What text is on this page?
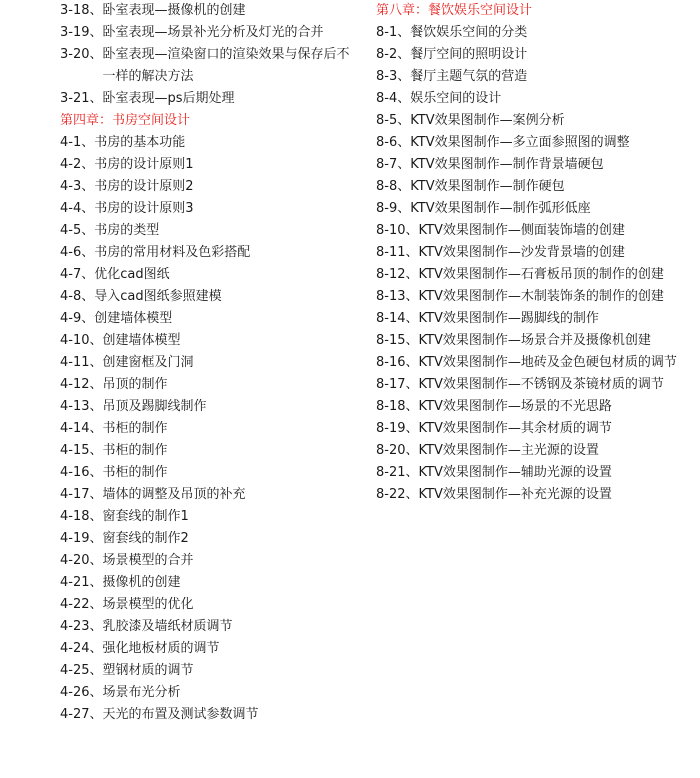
3-18、 卧室表现—摄像机的创建
3-19、 卧室表现—场景补光分析及灯光的合并
3-20、 卧室表现—渲染窗口的渲染效果与保存后不一样的解决方法
3-21、 卧室表现—ps后期处理
第四章：书房空间设计
4-1、 书房的基本功能
4-2、 书房的设计原则1
4-3、 书房的设计原则2
4-4、 书房的设计原则3
4-5、 书房的类型
4-6、 书房的常用材料及色彩搭配
4-7、 优化cad图纸
4-8、 导入cad图纸参照建模
4-9、 创建墙体模型
4-10、 创建墙体模型
4-11、 创建窗框及门洞
4-12、 吊顶的制作
4-13、 吊顶及踢脚线制作
4-14、 书柜的制作
4-15、 书柜的制作
4-16、 书柜的制作
4-17、 墙体的调整及吊顶的补充
4-18、 窗套线的制作1
4-19、 窗套线的制作2
4-20、 场景模型的合并
4-21、 摄像机的创建
4-22、 场景模型的优化
4-23、 乳胶漆及墙纸材质调节
4-24、 强化地板材质的调节
4-25、 塑钢材质的调节
4-26、 场景布光分析
4-27、 天光的布置及测试参数调节
第八章：餐饮娱乐空间设计
8-1、 餐饮娱乐空间的分类
8-2、 餐厅空间的照明设计
8-3、 餐厅主题气氛的营造
8-4、 娱乐空间的设计
8-5、 KTV效果图制作—案例分析
8-6、 KTV效果图制作—多立面参照图的调整
8-7、 KTV效果图制作—制作背景墙硬包
8-8、 KTV效果图制作—制作硬包
8-9、 KTV效果图制作—制作弧形低座
8-10、 KTV效果图制作—侧面装饰墙的创建
8-11、 KTV效果图制作—沙发背景墙的创建
8-12、 KTV效果图制作—石膏板吊顶的制作的创建
8-13、 KTV效果图制作—木制装饰条的制作的创建
8-14、 KTV效果图制作—踢脚线的制作
8-15、 KTV效果图制作—场景合并及摄像机创建
8-16、 KTV效果图制作—地砖及金色硬包材质的调节
8-17、 KTV效果图制作—不锈钢及茶镜材质的调节
8-18、 KTV效果图制作—场景的不光思路
8-19、 KTV效果图制作—其余材质的调节
8-20、 KTV效果图制作—主光源的设置
8-21、 KTV效果图制作—辅助光源的设置
8-22、 KTV效果图制作—补充光源的设置
